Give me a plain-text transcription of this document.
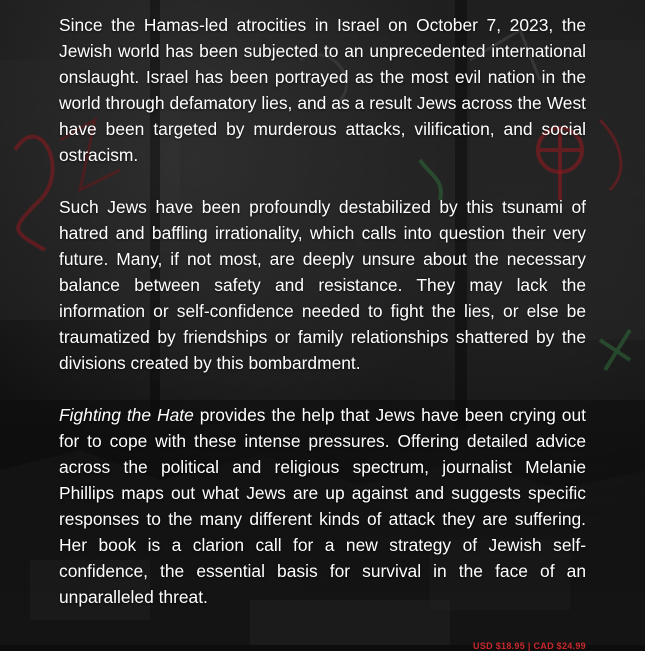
Since the Hamas-led atrocities in Israel on October 7, 2023, the Jewish world has been subjected to an unprecedented international onslaught. Israel has been portrayed as the most evil nation in the world through defamatory lies, and as a result Jews across the West have been targeted by murderous attacks, vilification, and social ostracism.

Such Jews have been profoundly destabilized by this tsunami of hatred and baffling irrationality, which calls into question their very future. Many, if not most, are deeply unsure about the necessary balance between safety and resistance. They may lack the information or self-confidence needed to fight the lies, or else be traumatized by friendships or family relationships shattered by the divisions created by this bombardment.

Fighting the Hate provides the help that Jews have been crying out for to cope with these intense pressures. Offering detailed advice across the political and religious spectrum, journalist Melanie Phillips maps out what Jews are up against and suggests specific responses to the many different kinds of attack they are suffering. Her book is a clarion call for a new strategy of Jewish self-confidence, the essential basis for survival in the face of an unparalleled threat.

USD $18.95 | CAD $24.99
